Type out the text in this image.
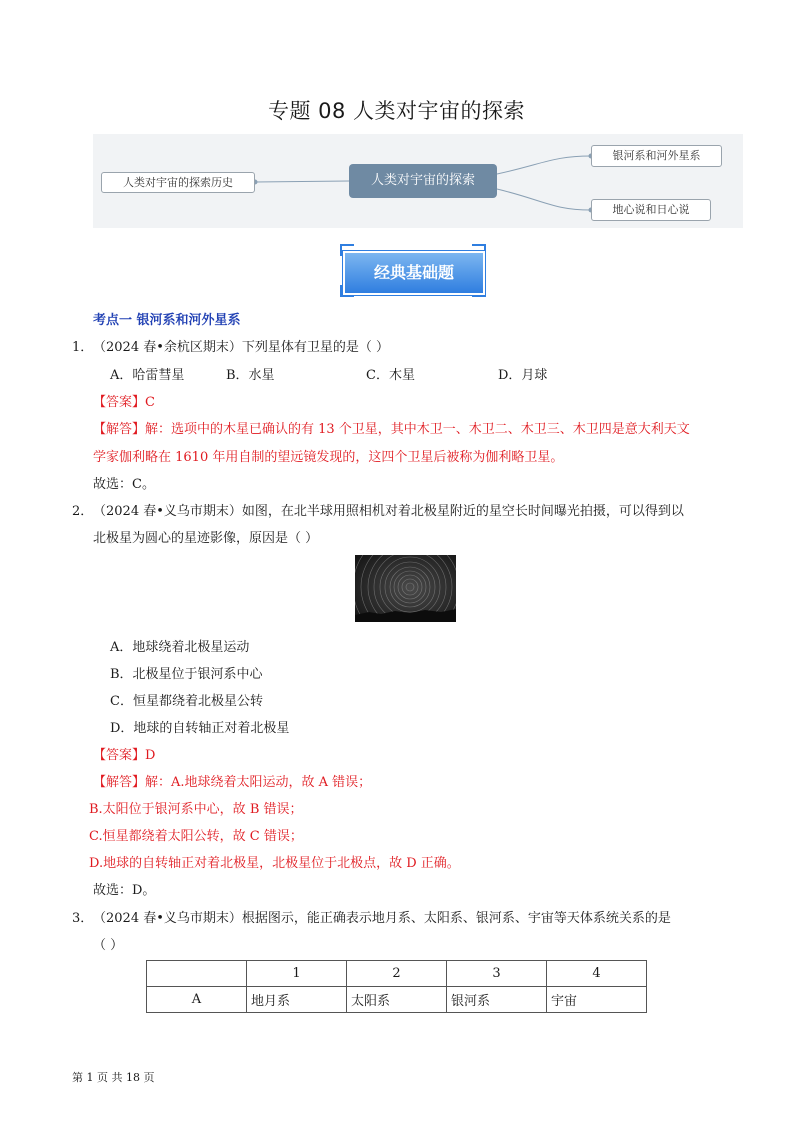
专题 08 人类对宇宙的探索
人类对宇宙的探索历史	人类对宇宙的探索
银河系和河外星系
地心说和日心说
经典基础题
考点一 银河系和河外星系
1． （2024 春•余杭区期末）下列星体有卫星的是（ ）
A．哈雷彗星	B．水星	C．木星	D．月球
【答案】C
【解答】解：选项中的木星已确认的有 13 个卫星，其中木卫一、木卫二、木卫三、木卫四是意大利天文
学家伽利略在 1610 年用自制的望远镜发现的，这四个卫星后被称为伽利略卫星。
故选：C。
2． （2024 春•义乌市期末）如图，在北半球用照相机对着北极星附近的星空长时间曝光拍摄，可以得到以
北极星为圆心的星迹影像，原因是（ ）
A．地球绕着北极星运动
B．北极星位于银河系中心
C．恒星都绕着北极星公转
D．地球的自转轴正对着北极星
【答案】D
【解答】解：A.地球绕着太阳运动，故 A 错误；
B.太阳位于银河系中心，故 B 错误；
C.恒星都绕着太阳公转，故 C 错误；
D.地球的自转轴正对着北极星，北极星位于北极点，故 D 正确。
故选：D。
3． （2024 春•义乌市期末）根据图示，能正确表示地月系、太阳系、银河系、宇宙等天体系统关系的是
（ ）
	1	2	3	4
A	地月系	太阳系	银河系	宇宙
第 1 页 共 18 页
